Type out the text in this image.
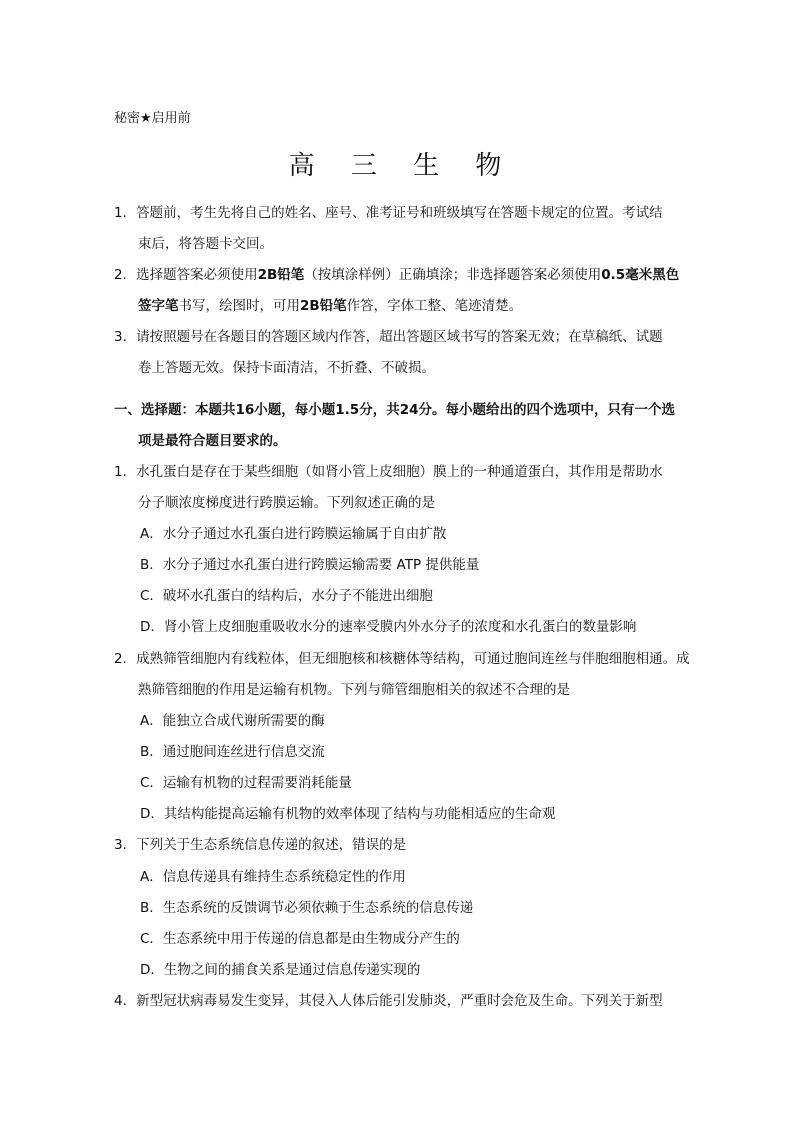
秘密★启用前
高 三 生 物
1．答题前，考生先将自己的姓名、座号、准考证号和班级填写在答题卡规定的位置。考试结
束后，将答题卡交回。
2．选择题答案必须使用2B铅笔（按填涂样例）正确填涂；非选择题答案必须使用0.5毫米黑色
签字笔书写，绘图时，可用2B铅笔作答，字体工整、笔迹清楚。
3．请按照题号在各题目的答题区域内作答，超出答题区域书写的答案无效；在草稿纸、试题
卷上答题无效。保持卡面清洁，不折叠、不破损。
一、选择题：本题共16小题，每小题1.5分，共24分。每小题给出的四个选项中，只有一个选
项是最符合题目要求的。
1．水孔蛋白是存在于某些细胞（如肾小管上皮细胞）膜上的一种通道蛋白，其作用是帮助水
分子顺浓度梯度进行跨膜运输。下列叙述正确的是
A．水分子通过水孔蛋白进行跨膜运输属于自由扩散
B．水分子通过水孔蛋白进行跨膜运输需要 ATP 提供能量
C．破坏水孔蛋白的结构后，水分子不能进出细胞
D．肾小管上皮细胞重吸收水分的速率受膜内外水分子的浓度和水孔蛋白的数量影响
2．成熟筛管细胞内有线粒体，但无细胞核和核糖体等结构，可通过胞间连丝与伴胞细胞相通。成
熟筛管细胞的作用是运输有机物。下列与筛管细胞相关的叙述不合理的是
A．能独立合成代谢所需要的酶
B．通过胞间连丝进行信息交流
C．运输有机物的过程需要消耗能量
D．其结构能提高运输有机物的效率体现了结构与功能相适应的生命观
3．下列关于生态系统信息传递的叙述，错误的是
A．信息传递具有维持生态系统稳定性的作用
B．生态系统的反馈调节必须依赖于生态系统的信息传递
C．生态系统中用于传递的信息都是由生物成分产生的
D．生物之间的捕食关系是通过信息传递实现的
4．新型冠状病毒易发生变异，其侵入人体后能引发肺炎，严重时会危及生命。下列关于新型
